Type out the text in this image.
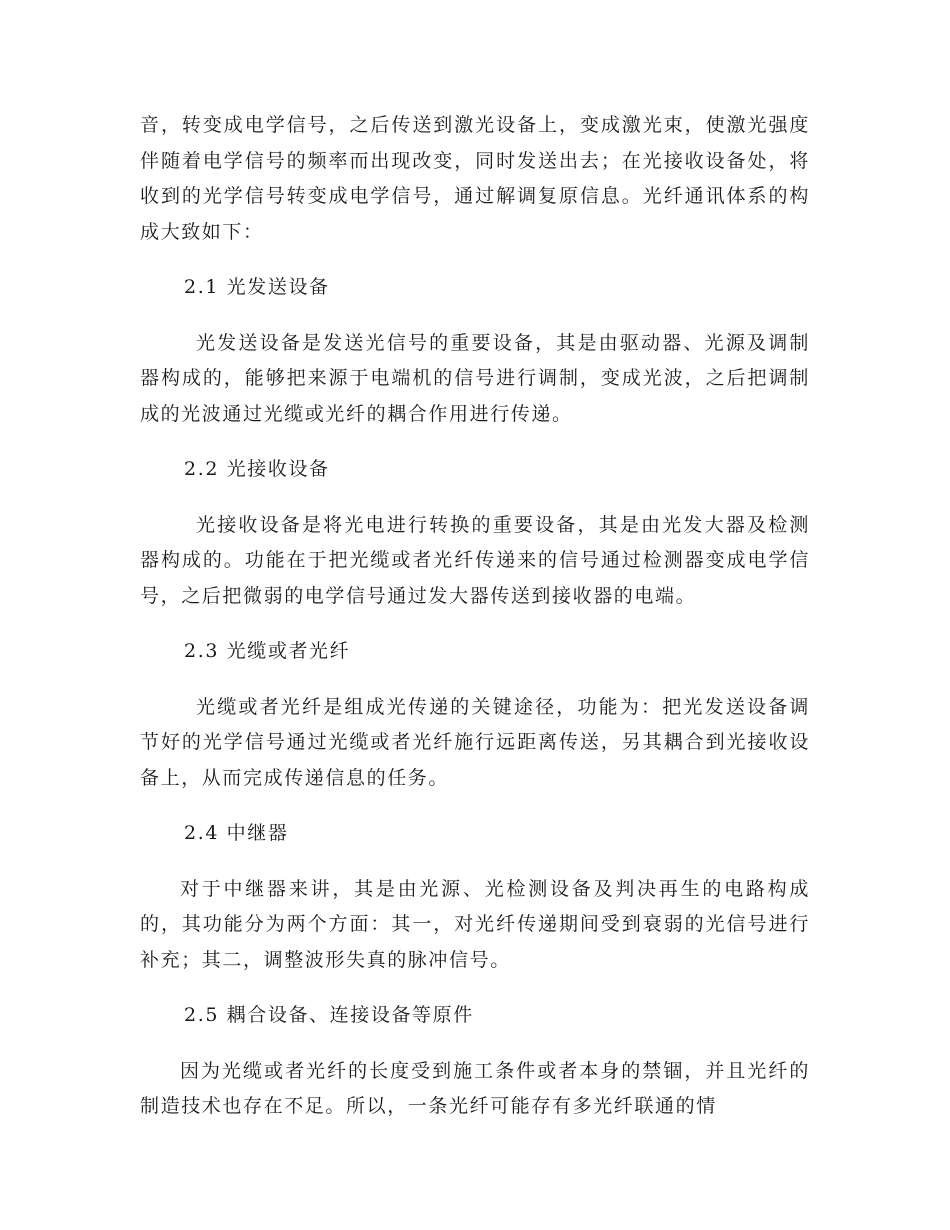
音，转变成电学信号，之后传送到激光设备上，变成激光束，使激光强度伴随着电学信号的频率而出现改变，同时发送出去；在光接收设备处，将收到的光学信号转变成电学信号，通过解调复原信息。光纤通讯体系的构成大致如下：

2.1 光发送设备

光发送设备是发送光信号的重要设备，其是由驱动器、光源及调制器构成的，能够把来源于电端机的信号进行调制，变成光波，之后把调制成的光波通过光缆或光纤的耦合作用进行传递。

2.2 光接收设备

光接收设备是将光电进行转换的重要设备，其是由光发大器及检测器构成的。功能在于把光缆或者光纤传递来的信号通过检测器变成电学信号，之后把微弱的电学信号通过发大器传送到接收器的电端。

2.3 光缆或者光纤

光缆或者光纤是组成光传递的关键途径，功能为：把光发送设备调节好的光学信号通过光缆或者光纤施行远距离传送，另其耦合到光接收设备上，从而完成传递信息的任务。

2.4 中继器

对于中继器来讲，其是由光源、光检测设备及判决再生的电路构成的，其功能分为两个方面：其一，对光纤传递期间受到衰弱的光信号进行补充；其二，调整波形失真的脉冲信号。

2.5 耦合设备、连接设备等原件

因为光缆或者光纤的长度受到施工条件或者本身的禁锢，并且光纤的制造技术也存在不足。所以，一条光纤可能存有多光纤联通的情
